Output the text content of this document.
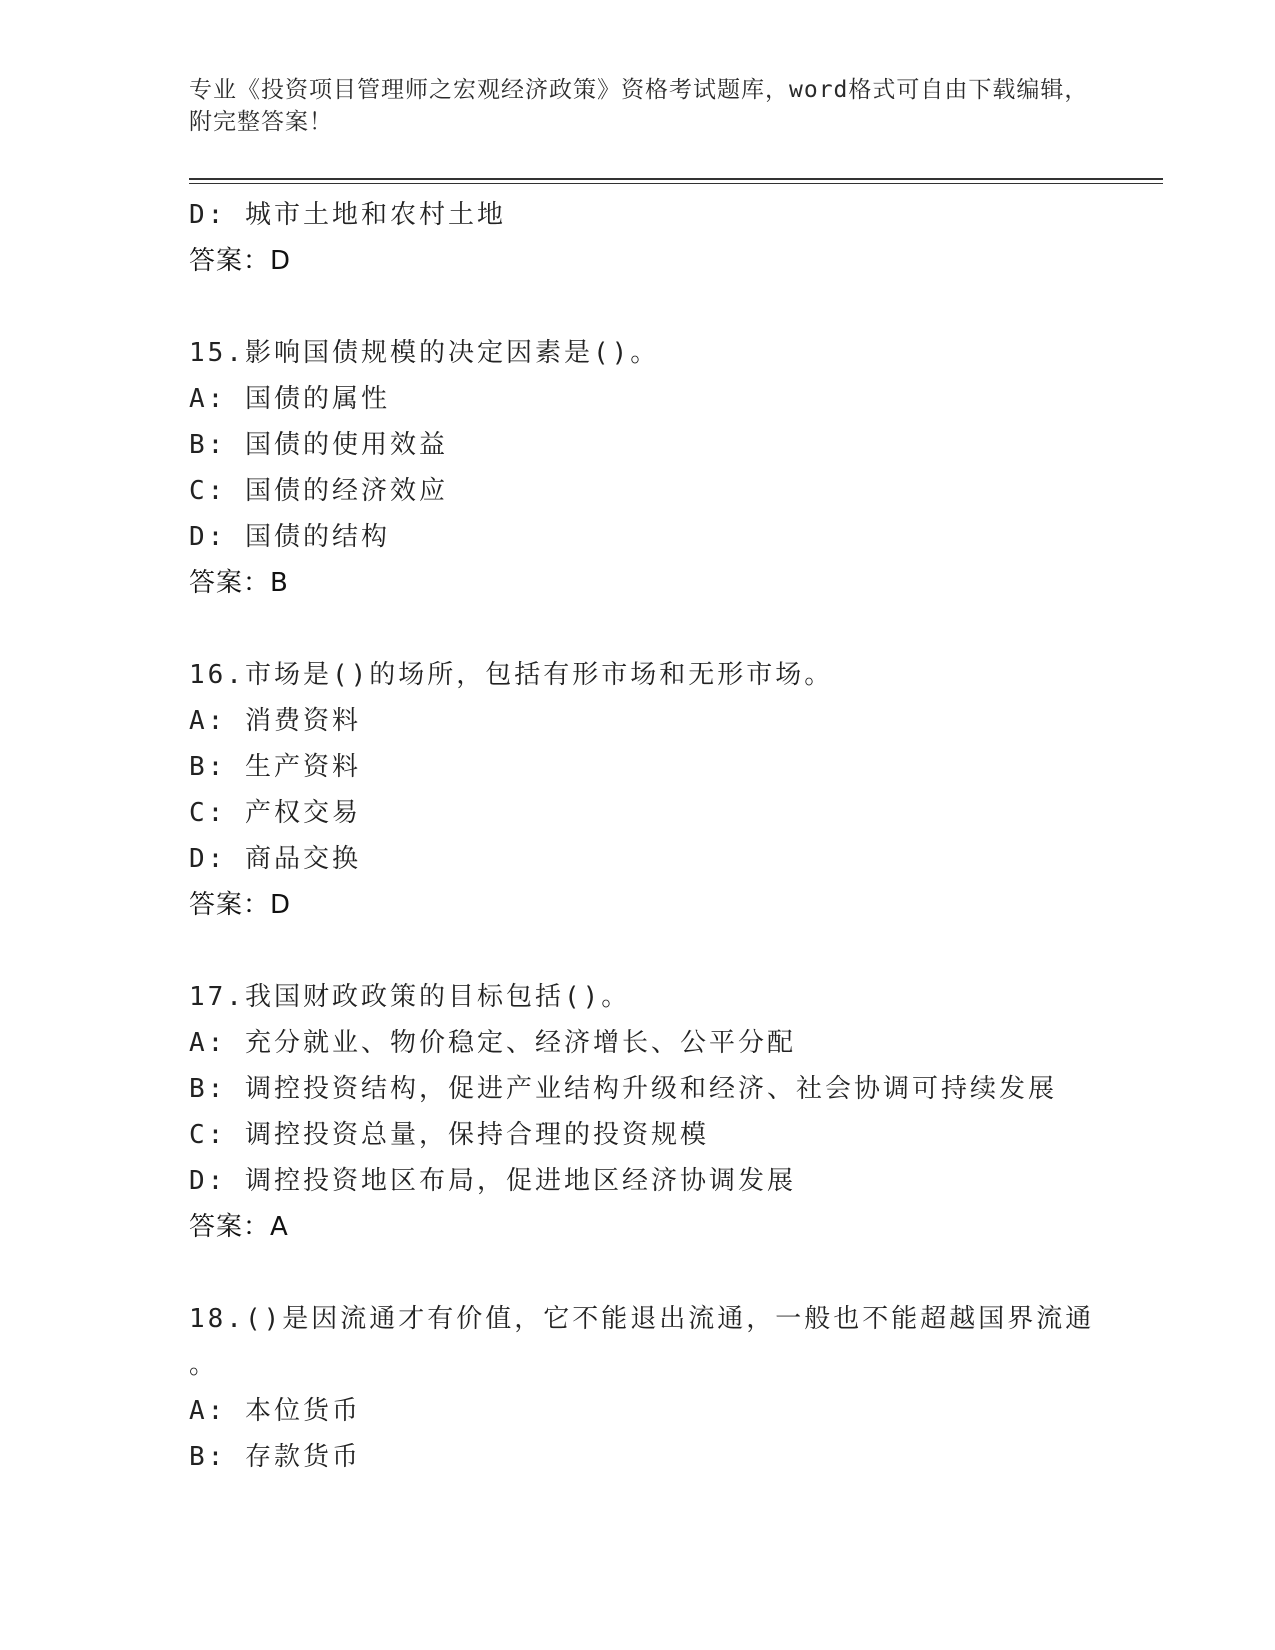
专业《投资项目管理师之宏观经济政策》资格考试题库，word格式可自由下载编辑，附完整答案！
D: 城市土地和农村土地
答案：D
15.影响国债规模的决定因素是()。
A: 国债的属性
B: 国债的使用效益
C: 国债的经济效应
D: 国债的结构
答案：B
16.市场是()的场所，包括有形市场和无形市场。
A: 消费资料
B: 生产资料
C: 产权交易
D: 商品交换
答案：D
17.我国财政政策的目标包括()。
A: 充分就业、物价稳定、经济增长、公平分配
B: 调控投资结构，促进产业结构升级和经济、社会协调可持续发展
C: 调控投资总量，保持合理的投资规模
D: 调控投资地区布局，促进地区经济协调发展
答案：A
18.()是因流通才有价值，它不能退出流通，一般也不能超越国界流通
。
A: 本位货币
B: 存款货币
